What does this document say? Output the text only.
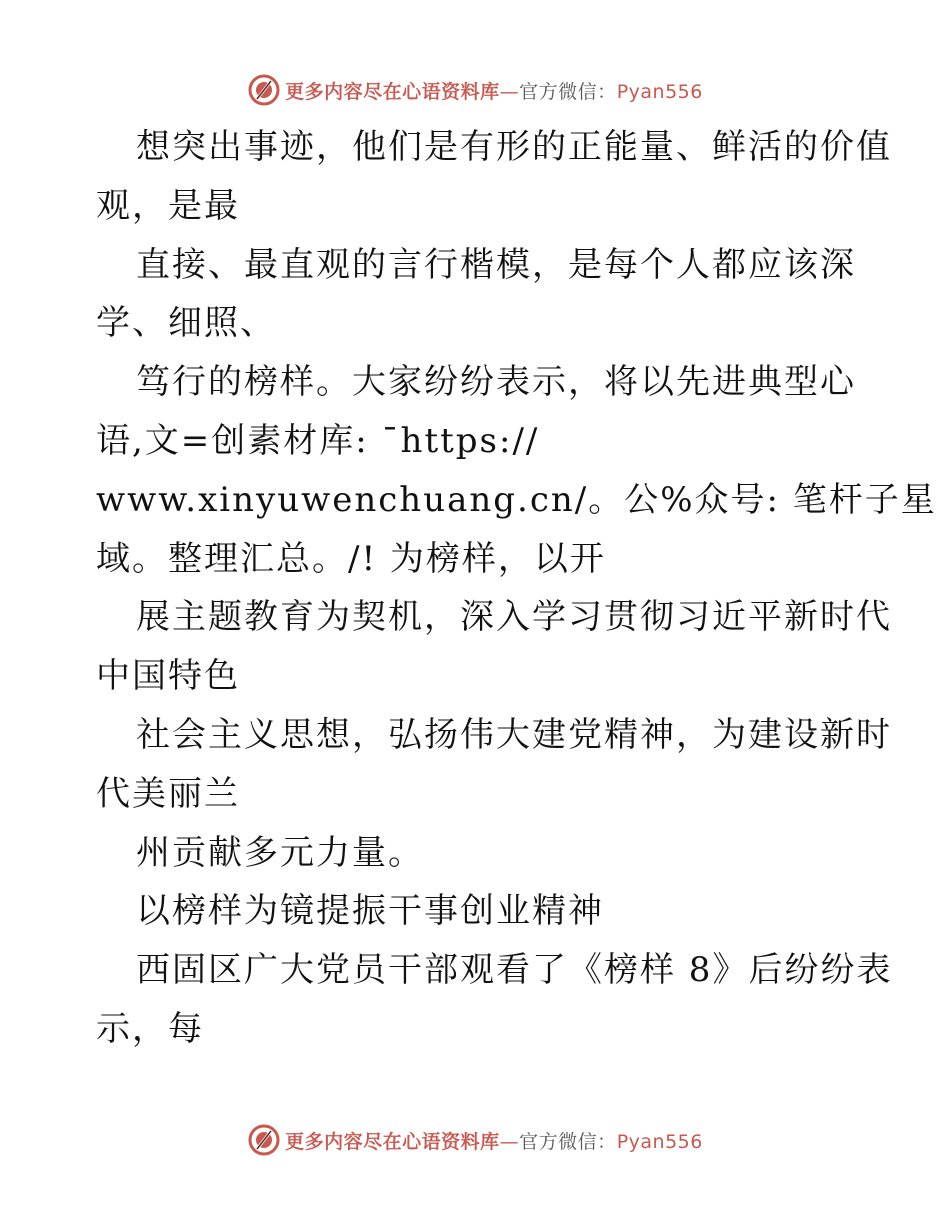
更多内容尽在心语资料库—官方微信：Pyan556
想突出事迹，他们是有形的正能量、鲜活的价值
观，是最
直接、最直观的言行楷模，是每个人都应该深
学、细照、
笃行的榜样。大家纷纷表示，将以先进典型心
语,文=创素材库: ¯https://
www.xinyuwenchuang.cn/。公%众号: 笔杆子星
域。整理汇总。/! 为榜样，以开
展主题教育为契机，深入学习贯彻习近平新时代
中国特色
社会主义思想，弘扬伟大建党精神，为建设新时
代美丽兰
州贡献多元力量。
以榜样为镜提振干事创业精神
西固区广大党员干部观看了《榜样 8》后纷纷表
示，每
更多内容尽在心语资料库—官方微信：Pyan556
